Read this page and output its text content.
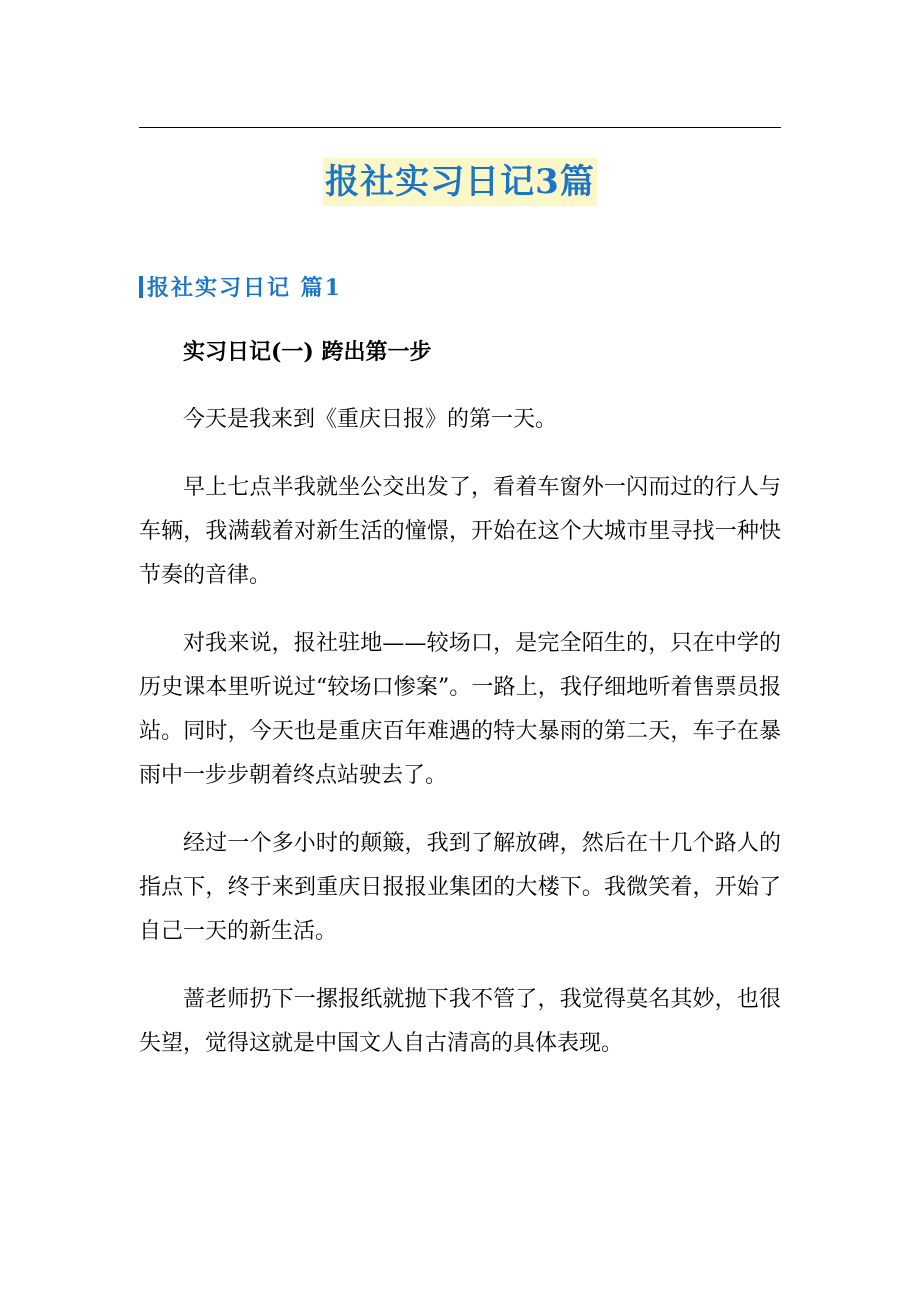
报社实习日记3篇
报社实习日记 篇1

实习日记(一) 跨出第一步

今天是我来到《重庆日报》的第一天。

早上七点半我就坐公交出发了，看着车窗外一闪而过的行人与车辆，我满载着对新生活的憧憬，开始在这个大城市里寻找一种快节奏的音律。

对我来说，报社驻地——较场口，是完全陌生的，只在中学的历史课本里听说过“较场口惨案”。一路上，我仔细地听着售票员报站。同时，今天也是重庆百年难遇的特大暴雨的第二天，车子在暴雨中一步步朝着终点站驶去了。

经过一个多小时的颠簸，我到了解放碑，然后在十几个路人的指点下，终于来到重庆日报报业集团的大楼下。我微笑着，开始了自己一天的新生活。

蔷老师扔下一摞报纸就抛下我不管了，我觉得莫名其妙，也很失望，觉得这就是中国文人自古清高的具体表现。
